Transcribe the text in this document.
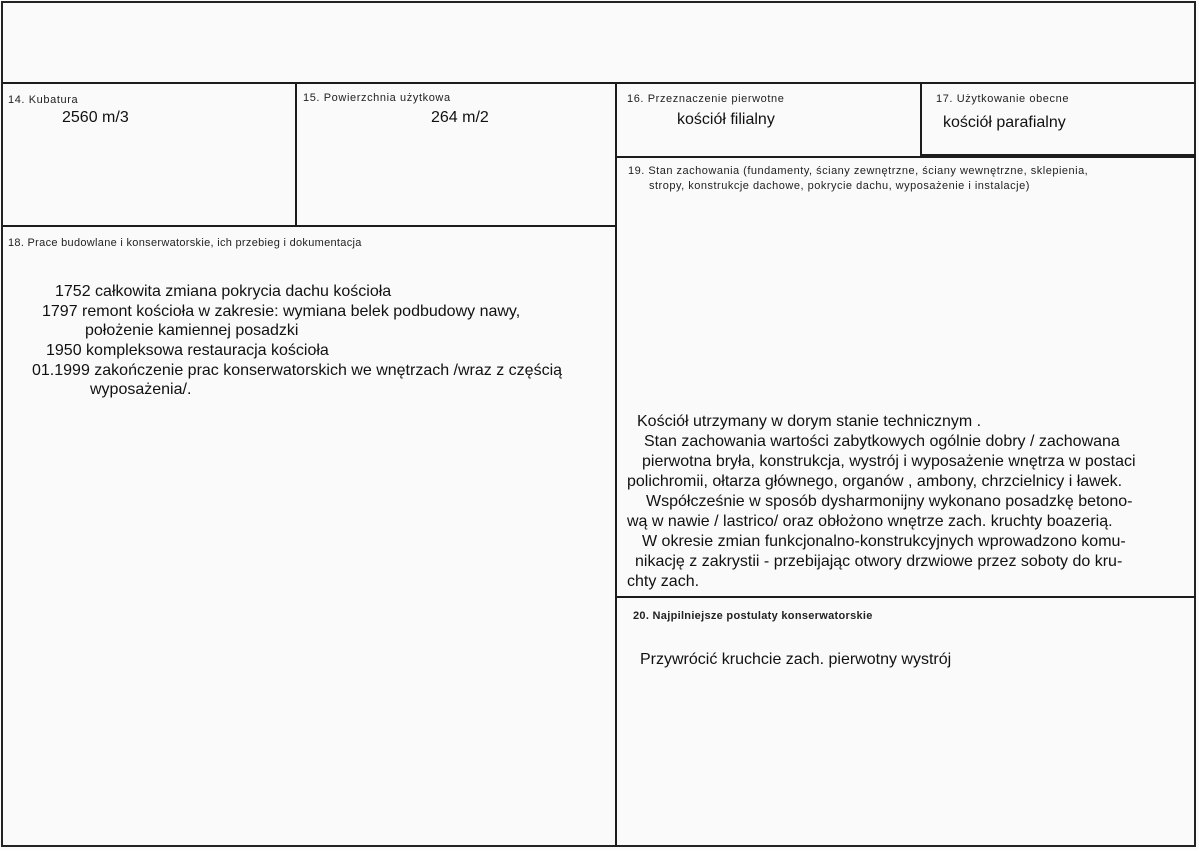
14. Kubatura
2560 m/3
15. Powierzchnia użytkowa
264 m/2
16. Przeznaczenie pierwotne
kościół filialny
17. Użytkowanie obecne
kościół parafialny
18. Prace budowlane i konserwatorskie, ich przebieg i dokumentacja
1752 całkowita zmiana pokrycia dachu kościoła
1797 remont kościoła w zakresie: wymiana belek podbudowy nawy,
położenie kamiennej posadzki
1950 kompleksowa restauracja kościoła
01.1999 zakończenie prac konserwatorskich we wnętrzach /wraz z częścią
wyposażenia/.
19. Stan zachowania (fundamenty, ściany zewnętrzne, ściany wewnętrzne, sklepienia,
stropy, konstrukcje dachowe, pokrycie dachu, wyposażenie i instalacje)
Kościół utrzymany w dorym stanie technicznym .
Stan zachowania wartości zabytkowych ogólnie dobry / zachowana
pierwotna bryła, konstrukcja, wystrój i wyposażenie wnętrza w postaci
polichromii, ołtarza głównego, organów , ambony, chrzcielnicy i ławek.
Współcześnie w sposób dysharmonijny wykonano posadzkę betono-
wą w nawie / lastrico/ oraz obłożono wnętrze zach. kruchty boazerią.
W okresie zmian funkcjonalno-konstrukcyjnych wprowadzono komu-
nikację z zakrystii - przebijając otwory drzwiowe przez soboty do kru-
chty zach.
20. Najpilniejsze postulaty konserwatorskie
Przywrócić kruchcie zach. pierwotny wystrój
